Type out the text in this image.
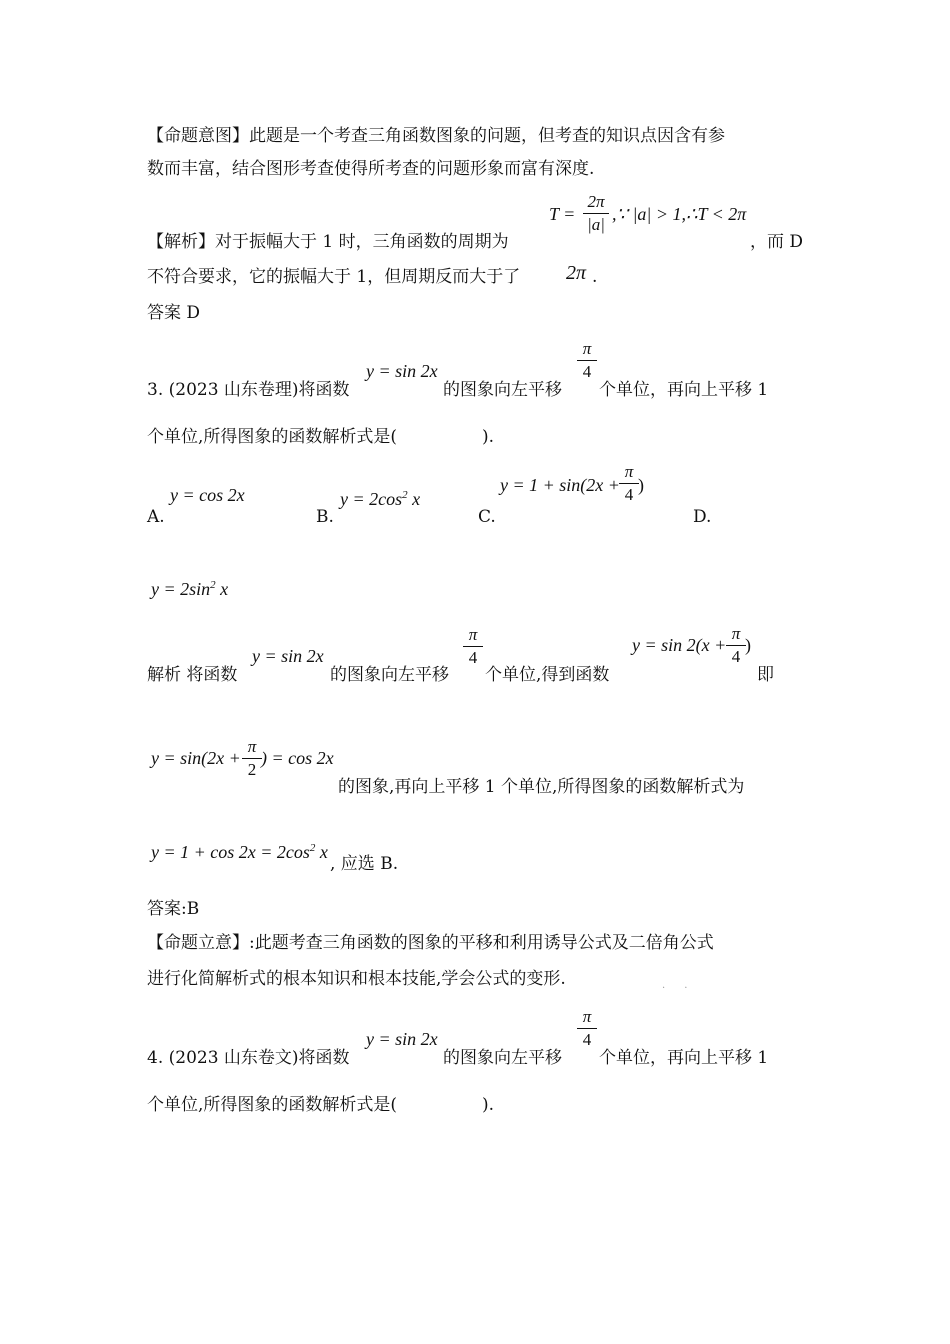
【命题意图】此题是一个考查三角函数图象的问题，但考查的知识点因含有参
数而丰富，结合图形考查使得所考查的问题形象而富有深度.
【解析】对于振幅大于 1 时，三角函数的周期为
T =
2π
|a|
,∵ |a| > 1,∴T < 2π
，而 D
不符合要求，它的振幅大于 1，但周期反而大于了 2π .
答案 D
3. (2023 山东卷理)将函数
y = sin 2x
的图象向左平移
π
4
个单位，再向上平移 1
个单位,所得图象的函数解析式是(　　　　　).
A.
y = cos 2x
B.
$y = 2\cos^2$ x
C.
y = 1 + sin(2x +
π
4 )
D.
$y = 2\sin^2$ x
解析 将函数
y = sin 2x
的图象向左平移
π
4
个单位,得到函数
y = sin 2(x +
π
4
)
即
y = sin(2x +
π
2
) = cos 2x
的图象,再向上平移 1 个单位,所得图象的函数解析式为
$y = 1 + \cos 2x = 2\cos^2$ x
, 应选 B.
答案:B
【命题立意】:此题考查三角函数的图象的平移和利用诱导公式及二倍角公式
进行化简解析式的根本知识和根本技能,学会公式的变形.	.      .
4. (2023 山东卷文)将函数
y = sin 2x
的图象向左平移
π
4
个单位，再向上平移 1
个单位,所得图象的函数解析式是(　　　　　).
